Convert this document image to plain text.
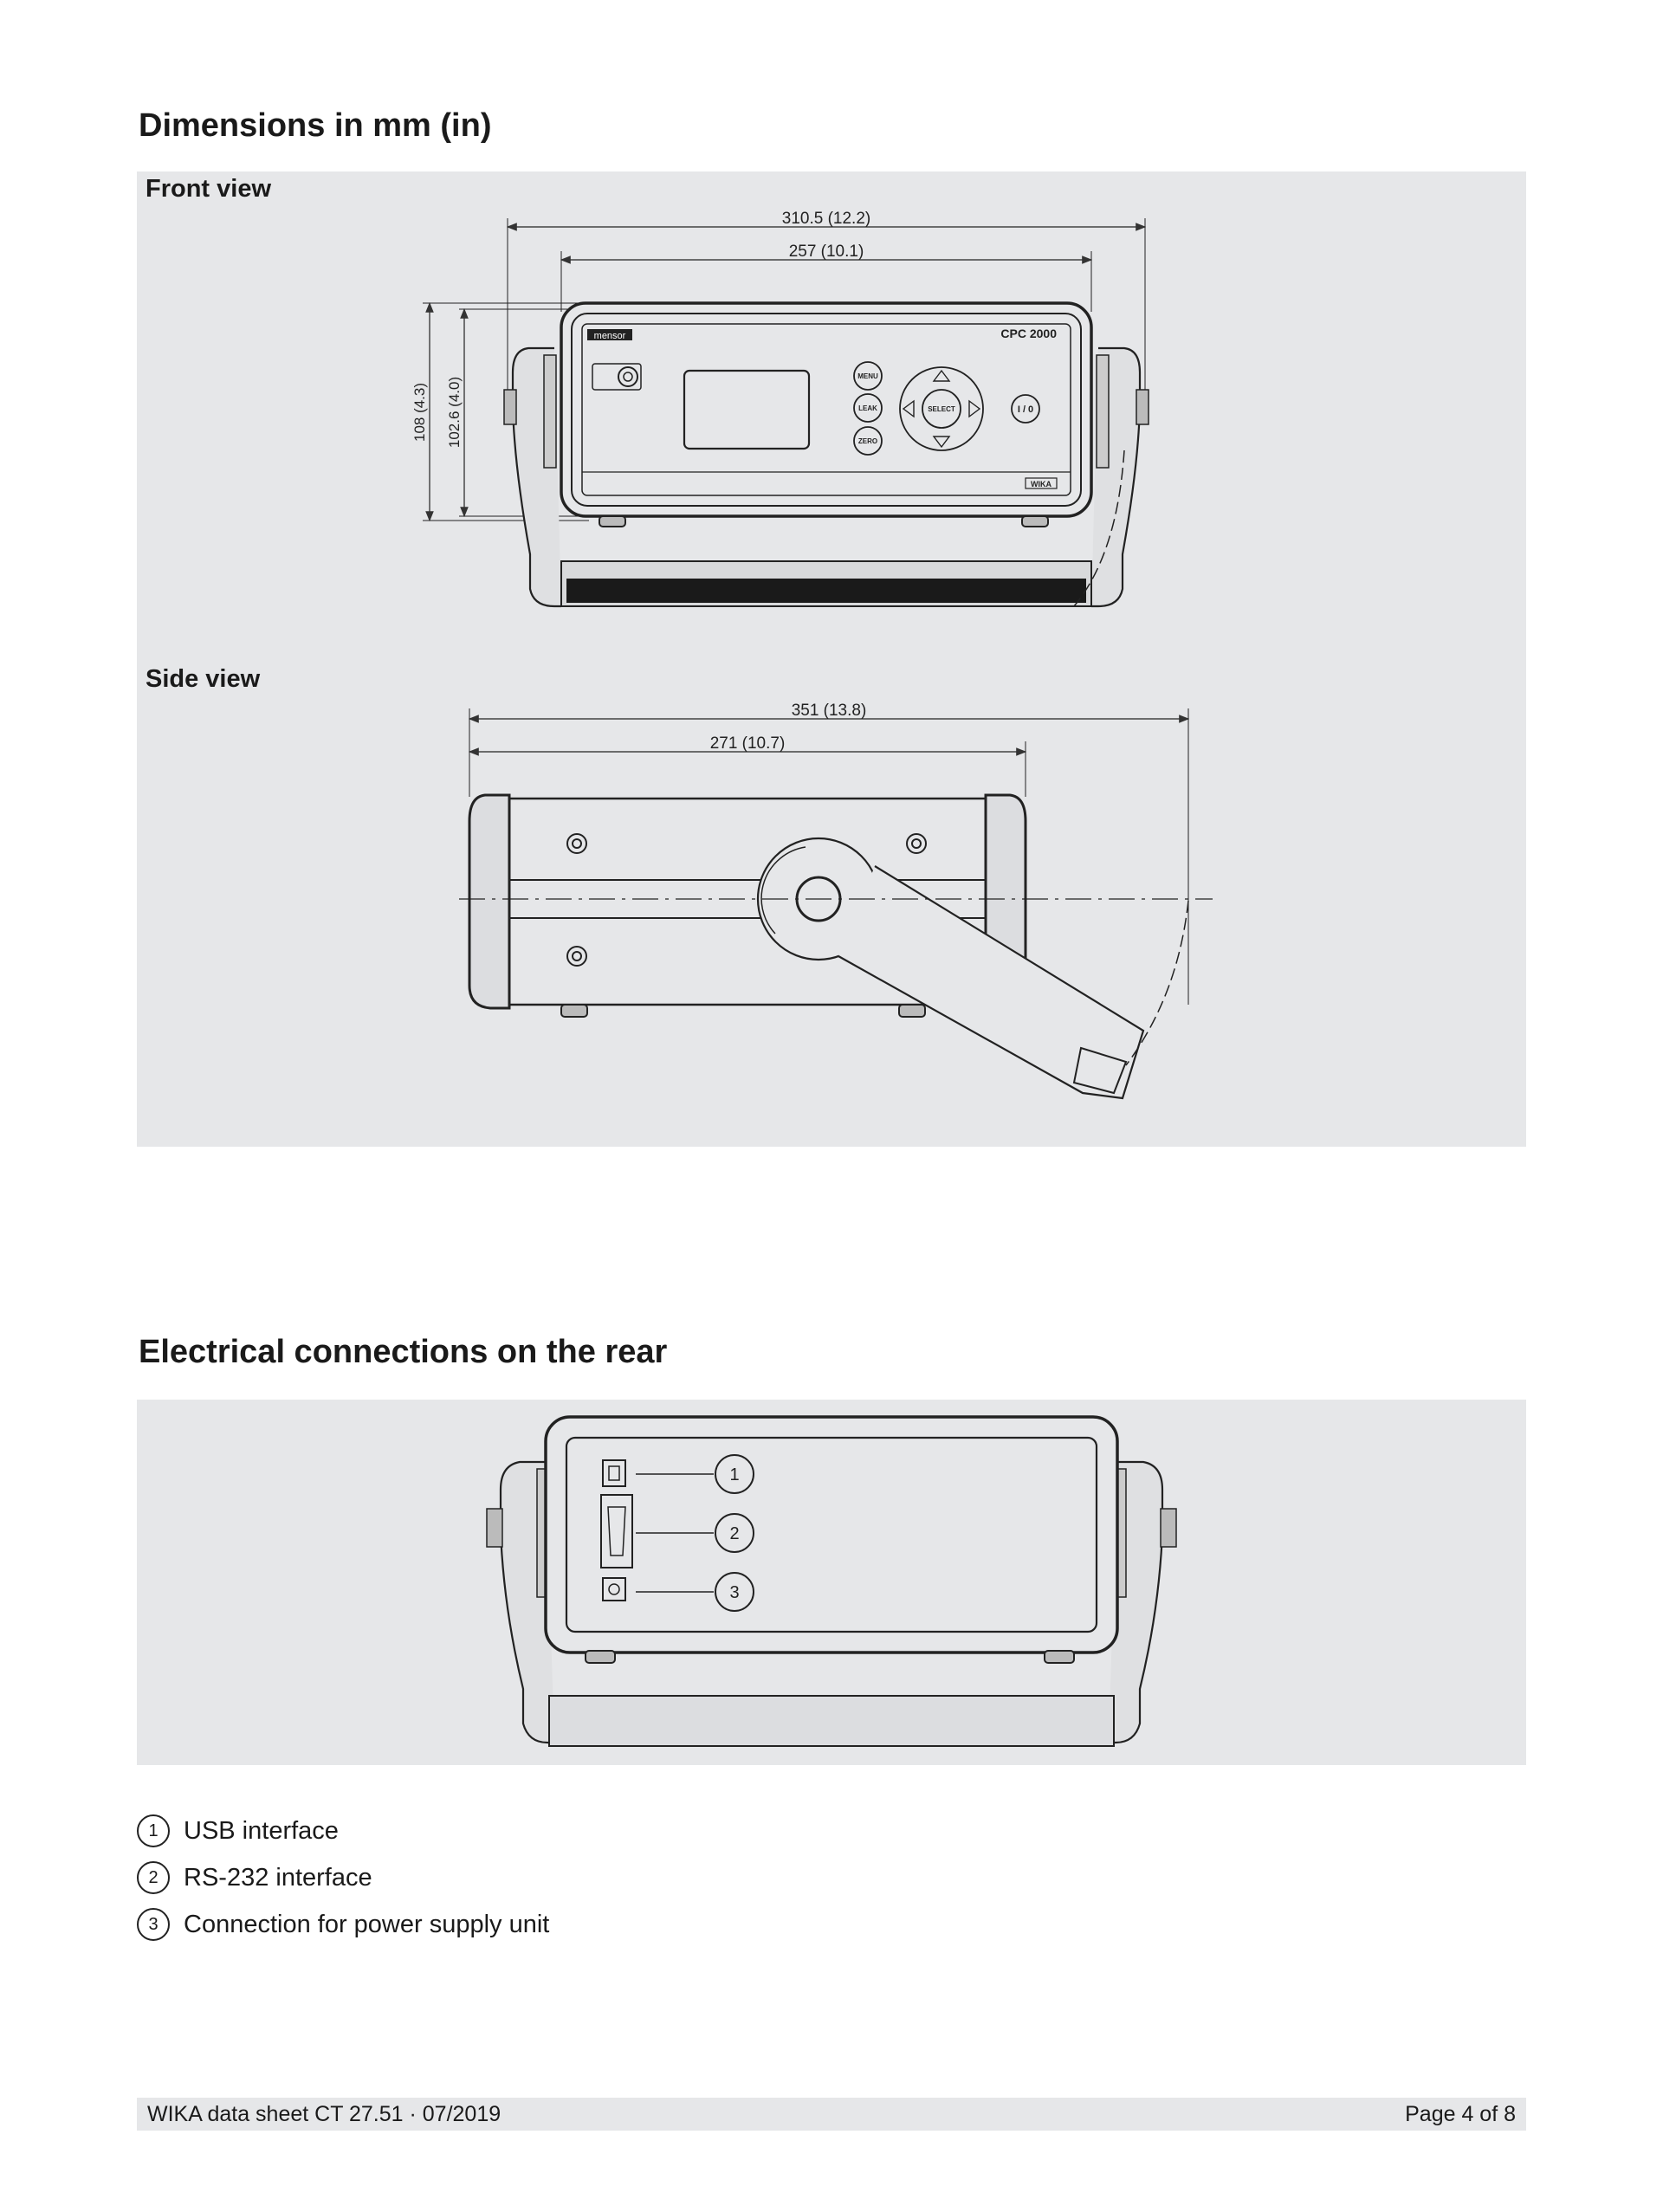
Dimensions in mm (in)
Front view
Side view
310.5 (12.2)
257 (10.1)
108 (4.3) 102.6 (4.0)
mensor	CPC 2000
WIKA
MENU
LEAK
ZERO
SELECT	I / 0
351 (13.8)
271 (10.7)
1
2
3
Electrical connections on the rear
1	USB interface
2	RS-232 interface
3	Connection for power supply unit
WIKA data sheet CT 27.51 · 07/2019	Page 4 of 8
